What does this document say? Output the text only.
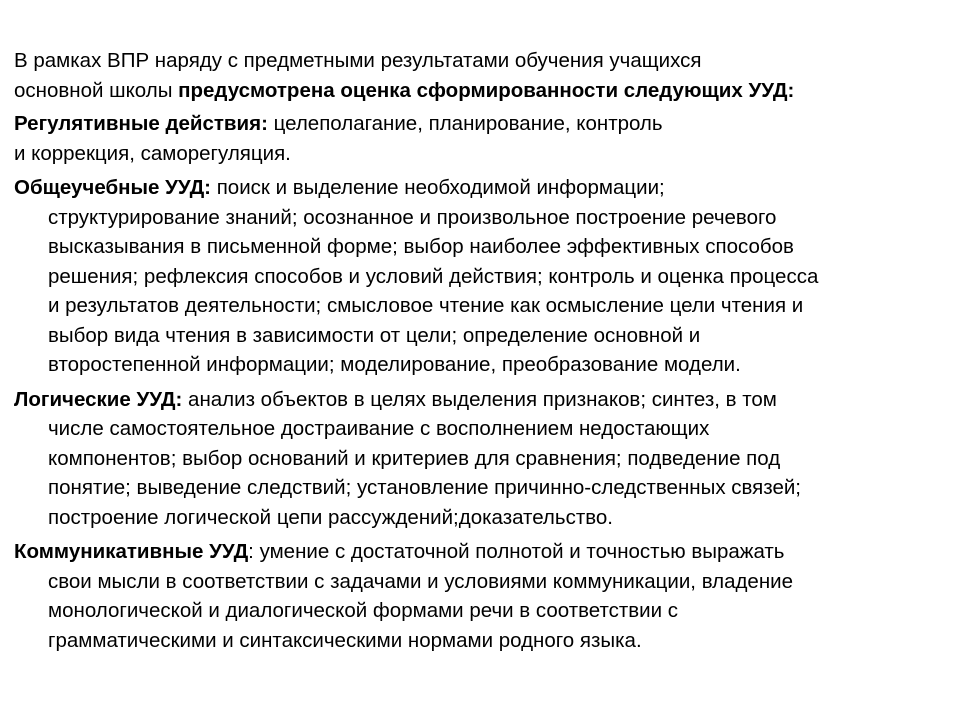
В рамках ВПР наряду с предметными результатами обучения учащихся

основной школы предусмотрена оценка сформированности следующих УУД:

Регулятивные действия: целеполагание, планирование, контроль

и коррекция, саморегуляция.

Общеучебные УУД: поиск и выделение необходимой информации;

структурирование знаний; осознанное и произвольное построение речевого

высказывания в письменной форме; выбор наиболее эффективных способов

решения; рефлексия способов и условий действия; контроль и оценка процесса

и результатов деятельности; смысловое чтение как осмысление цели чтения и

выбор вида чтения в зависимости от цели; определение основной и

второстепенной информации; моделирование, преобразование модели.

Логические УУД: анализ объектов в целях выделения признаков; синтез, в том

числе самостоятельное достраивание с восполнением недостающих

компонентов; выбор оснований и критериев для сравнения; подведение под

понятие; выведение следствий; установление причинно-следственных связей;

построение логической цепи рассуждений;доказательство.

Коммуникативные УУД: умение с достаточной полнотой и точностью выражать

свои мысли в соответствии с задачами и условиями коммуникации, владение

монологической и диалогической формами речи в соответствии с

грамматическими и синтаксическими нормами родного языка.
